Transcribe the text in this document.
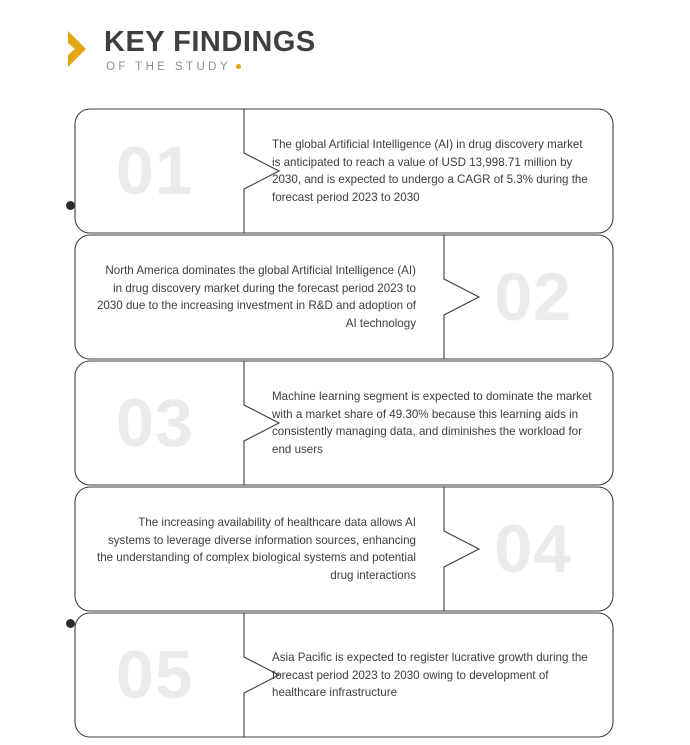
KEY FINDINGS
OF THE STUDY
01	The global Artificial Intelligence (AI) in drug discovery market is anticipated to reach a value of USD 13,998.71 million by 2030, and is expected to undergo a CAGR of 5.3% during the forecast period 2023 to 2030
02
North America dominates the global Artificial Intelligence (AI) in drug discovery market during the forecast period 2023 to 2030 due to the increasing investment in R&D and adoption of AI technology
03	Machine learning segment is expected to dominate the market with a market share of 49.30% because this learning aids in consistently managing data, and diminishes the workload for end users
04
The increasing availability of healthcare data allows AI systems to leverage diverse information sources, enhancing the understanding of complex biological systems and potential drug interactions
05	Asia Pacific is expected to register lucrative growth during the forecast period 2023 to 2030 owing to development of healthcare infrastructure
